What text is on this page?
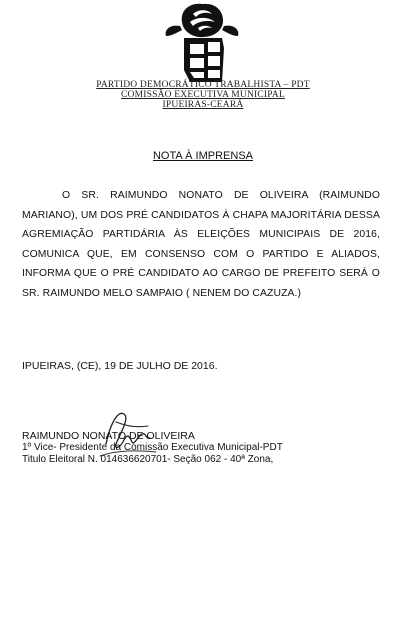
PARTIDO DEMOCRÁTICO TRABALHISTA – PDT
COMISSÃO EXECUTIVA MUNICIPAL
IPUEIRAS-CEARÁ
NOTA À IMPRENSA
O SR. RAIMUNDO NONATO DE OLIVEIRA (RAIMUNDO MARIANO), UM DOS PRÉ CANDIDATOS À CHAPA MAJORITÁRIA DESSA AGREMIAÇÃO PARTIDÁRIA ÀS ELEIÇÕES MUNICIPAIS DE 2016, COMUNICA QUE, EM CONSENSO COM O PARTIDO E ALIADOS, INFORMA QUE O PRÉ CANDIDATO AO CARGO DE PREFEITO SERÁ O SR. RAIMUNDO MELO SAMPAIO ( NENEM DO CAZUZA.)
IPUEIRAS, (CE), 19 DE JULHO DE 2016.
RAIMUNDO NONATO DE OLIVEIRA
1º Vice- Presidente da Comissão Executiva Municipal-PDT
Titulo Eleitoral N. 014636620701- Seção 062 - 40ª Zona,
